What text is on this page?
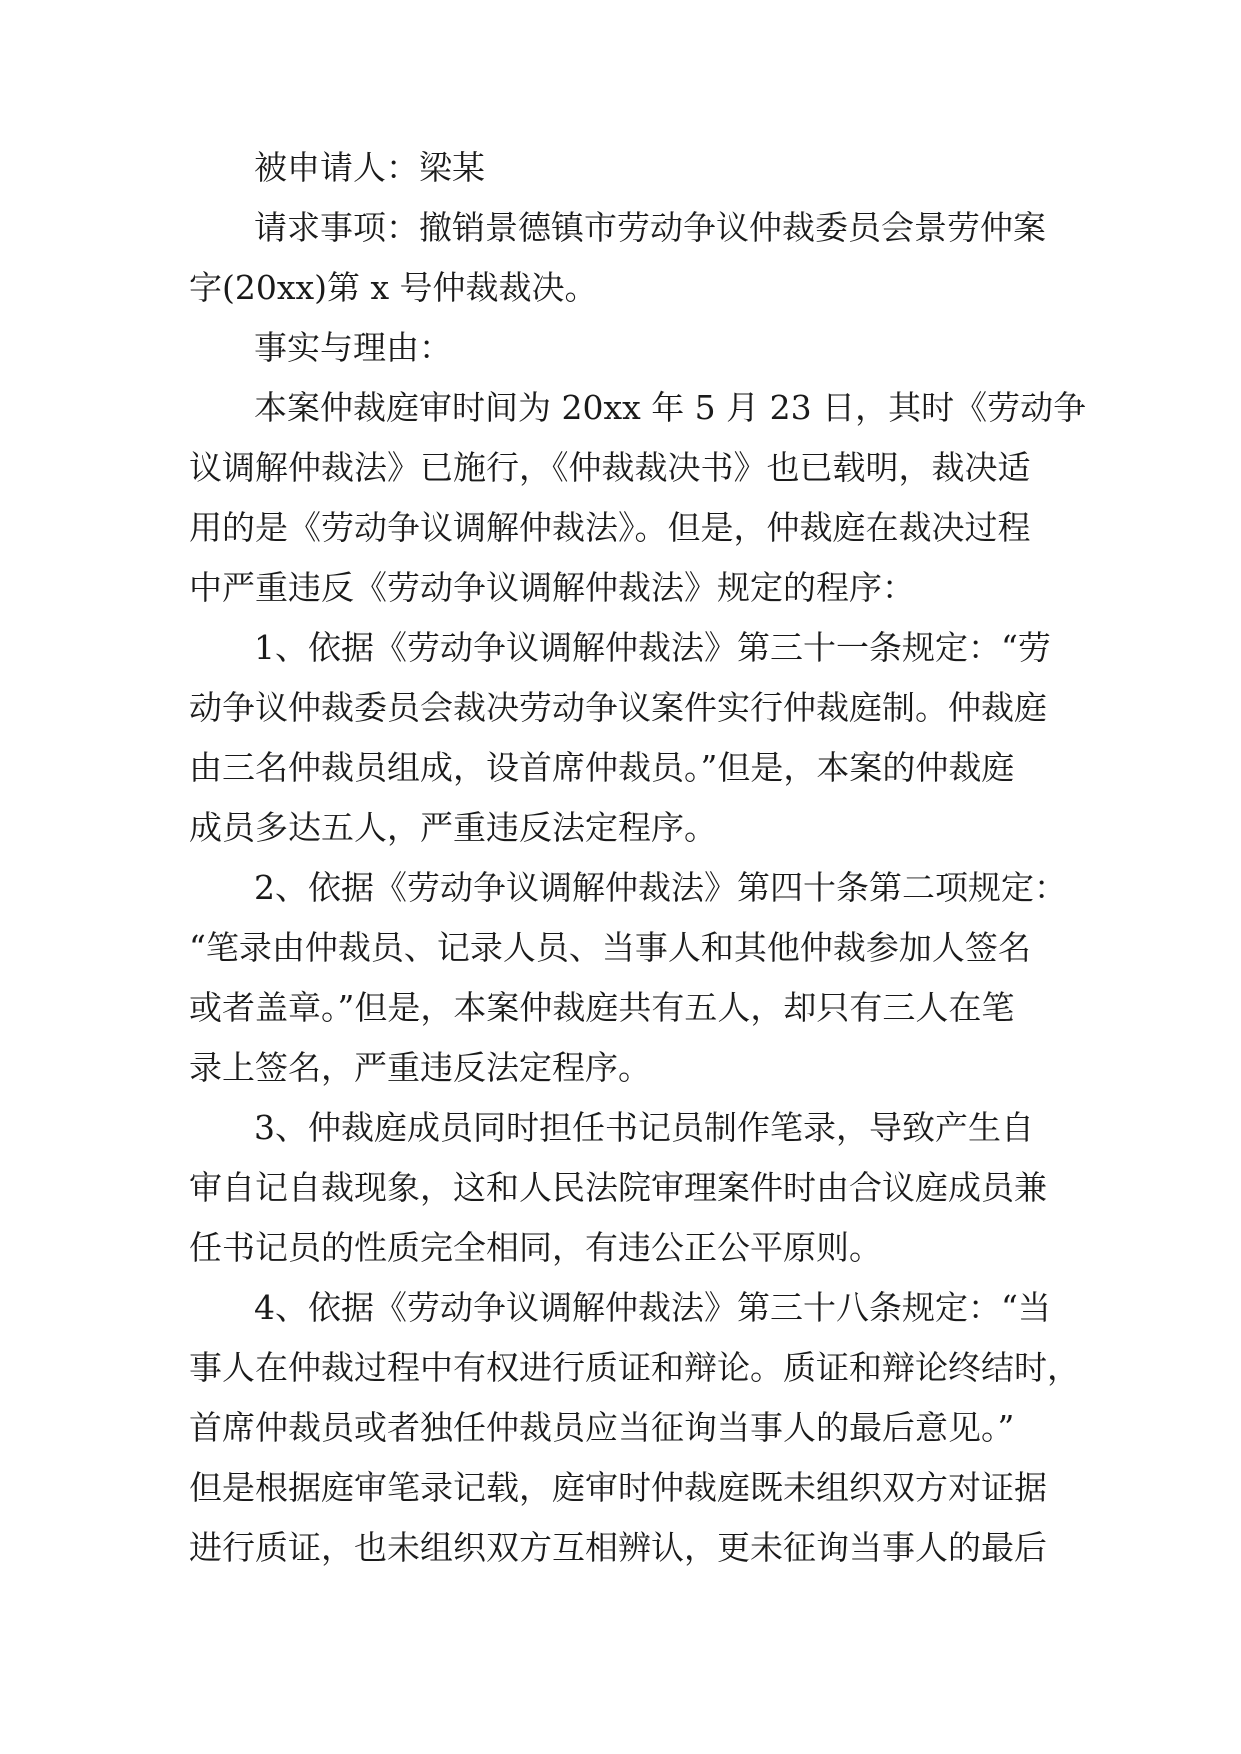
被申请人：梁某
请求事项：撤销景德镇市劳动争议仲裁委员会景劳仲案
字(20xx)第 x 号仲裁裁决。
事实与理由：
本案仲裁庭审时间为 20xx 年 5 月 23 日，其时《劳动争
议调解仲裁法》已施行，《仲裁裁决书》也已载明，裁决适
用的是《劳动争议调解仲裁法》。但是，仲裁庭在裁决过程
中严重违反《劳动争议调解仲裁法》规定的程序：
1、依据《劳动争议调解仲裁法》第三十一条规定：“劳
动争议仲裁委员会裁决劳动争议案件实行仲裁庭制。仲裁庭
由三名仲裁员组成，设首席仲裁员。”但是，本案的仲裁庭
成员多达五人，严重违反法定程序。
2、依据《劳动争议调解仲裁法》第四十条第二项规定：
“笔录由仲裁员、记录人员、当事人和其他仲裁参加人签名
或者盖章。”但是，本案仲裁庭共有五人，却只有三人在笔
录上签名，严重违反法定程序。
3、仲裁庭成员同时担任书记员制作笔录，导致产生自
审自记自裁现象，这和人民法院审理案件时由合议庭成员兼
任书记员的性质完全相同，有违公正公平原则。
4、依据《劳动争议调解仲裁法》第三十八条规定：“当
事人在仲裁过程中有权进行质证和辩论。质证和辩论终结时，
首席仲裁员或者独任仲裁员应当征询当事人的最后意见。”
但是根据庭审笔录记载，庭审时仲裁庭既未组织双方对证据
进行质证，也未组织双方互相辨认，更未征询当事人的最后
